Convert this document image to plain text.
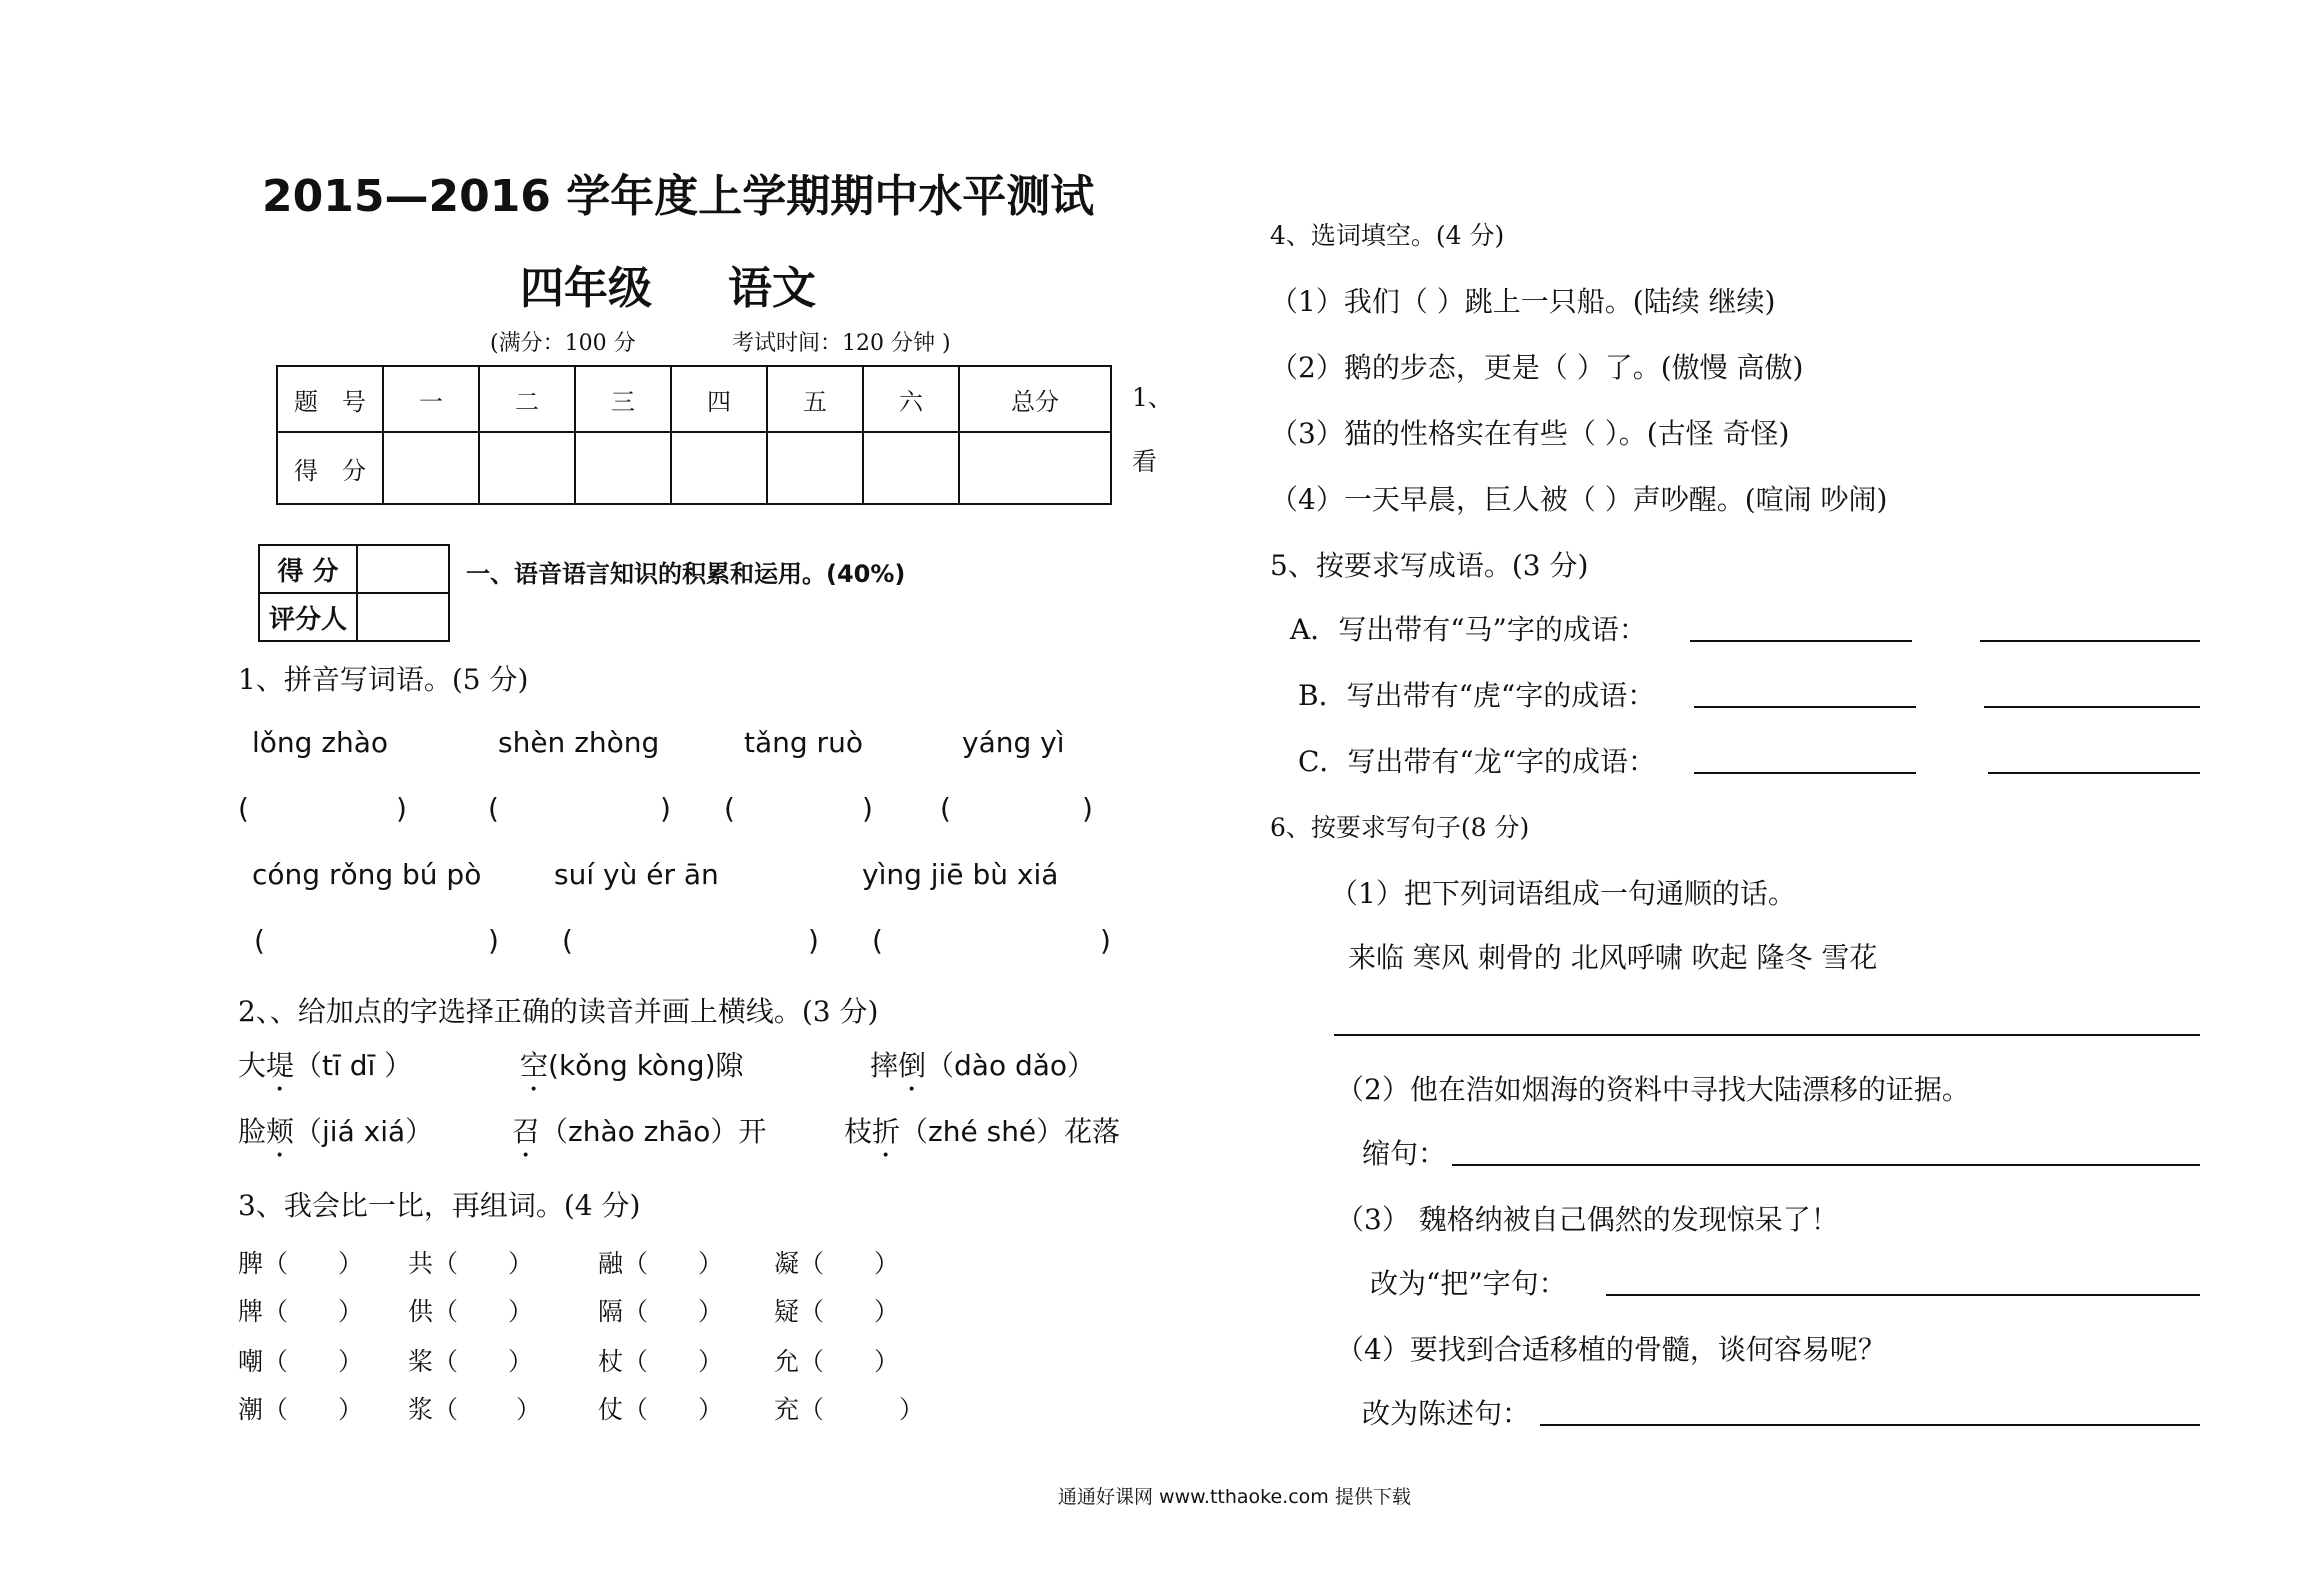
2015—2016 学年度上学期期中水平测试
四年级 语文
(满分：100 分	考试时间：120 分钟 )
题　号	一	二	三	四	五	六	总分
得　分							
1、
看
得 分	
评分人	
一、语音语言知识的积累和运用。(40%)
1、拼音写词语。(5 分)
lǒng zhào	shèn zhòng	tǎng ruò	yáng yì
(	)	(	) (	) (	)
cóng rǒng bú pò	suí yù ér ān	yìng jiē bù xiá
(	) (	) (	)
2、、给加点的字选择正确的读音并画上横线。(3 分)
大堤（tī dī ）	空(kǒng kòng)隙	摔倒（dào dǎo）
脸颊（jiá xiá）	召（zhào zhāo）开	枝折（zhé shé）花落
3、我会比一比，再组词。(4 分)
脾（　　） 共（　　）	融（　　） 凝（　　）
牌（　　） 供（　　）	隔（　　） 疑（　　）
嘲（　　） 桨（　　）	杖（　　） 允（　　）
潮（　　） 浆（　　 ） 仗（　　） 充（　　　）
4、选词填空。(4 分)
（1）我们（ ）跳上一只船。(陆续 继续)
（2）鹅的步态，更是（ ）了。(傲慢 高傲)
（3）猫的性格实在有些（ ）。(古怪 奇怪)
（4）一天早晨，巨人被（ ）声吵醒。(喧闹 吵闹)
5、按要求写成语。(3 分)
A．写出带有“马”字的成语：
B．写出带有“虎“字的成语：
C．写出带有“龙“字的成语：
6、按要求写句子(8 分)
（1）把下列词语组成一句通顺的话。
来临 寒风 刺骨的 北风呼啸 吹起 隆冬 雪花
（2）他在浩如烟海的资料中寻找大陆漂移的证据。
缩句：
（3） 魏格纳被自己偶然的发现惊呆了！
改为“把”字句：
（4）要找到合适移植的骨髓，谈何容易呢？
改为陈述句：
通通好课网 www.tthaoke.com 提供下载
